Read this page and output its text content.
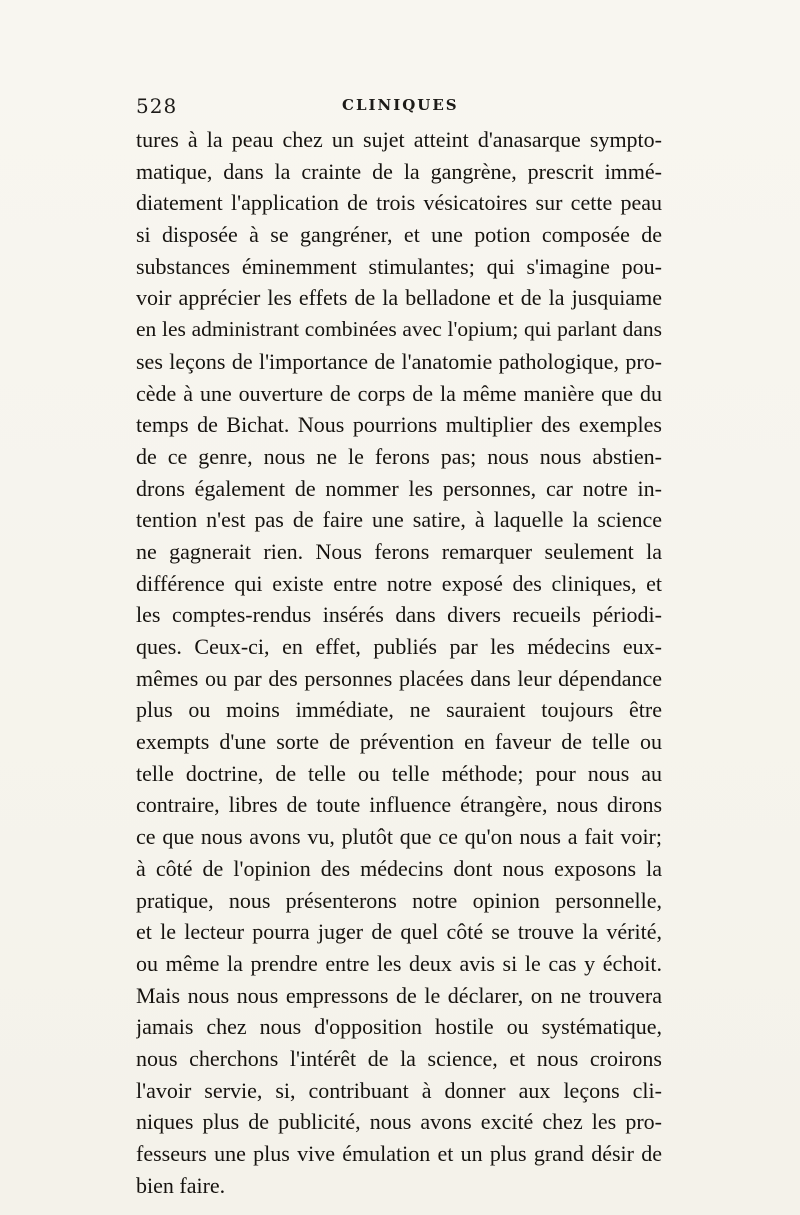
528	CLINIQUES
tures à la peau chez un sujet atteint d'anasarque sympto-
matique, dans la crainte de la gangrène, prescrit immé-
diatement l'application de trois vésicatoires sur cette peau
si disposée à se gangréner, et une potion composée de
substances éminemment stimulantes; qui s'imagine pou-
voir apprécier les effets de la belladone et de la jusquiame
en les administrant combinées avec l'opium; qui parlant dans
ses leçons de l'importance de l'anatomie pathologique, pro-
cède à une ouverture de corps de la même manière que du
temps de Bichat. Nous pourrions multiplier des exemples
de ce genre, nous ne le ferons pas; nous nous abstien-
drons également de nommer les personnes, car notre in-
tention n'est pas de faire une satire, à laquelle la science
ne gagnerait rien. Nous ferons remarquer seulement la
différence qui existe entre notre exposé des cliniques, et
les comptes-rendus insérés dans divers recueils périodi-
ques. Ceux-ci, en effet, publiés par les médecins eux-
mêmes ou par des personnes placées dans leur dépendance
plus ou moins immédiate, ne sauraient toujours être
exempts d'une sorte de prévention en faveur de telle ou
telle doctrine, de telle ou telle méthode; pour nous au
contraire, libres de toute influence étrangère, nous dirons
ce que nous avons vu, plutôt que ce qu'on nous a fait voir;
à côté de l'opinion des médecins dont nous exposons la
pratique, nous présenterons notre opinion personnelle,
et le lecteur pourra juger de quel côté se trouve la vérité,
ou même la prendre entre les deux avis si le cas y échoit.
Mais nous nous empressons de le déclarer, on ne trouvera
jamais chez nous d'opposition hostile ou systématique,
nous cherchons l'intérêt de la science, et nous croirons
l'avoir servie, si, contribuant à donner aux leçons cli-
niques plus de publicité, nous avons excité chez les pro-
fesseurs une plus vive émulation et un plus grand désir de
bien faire.
